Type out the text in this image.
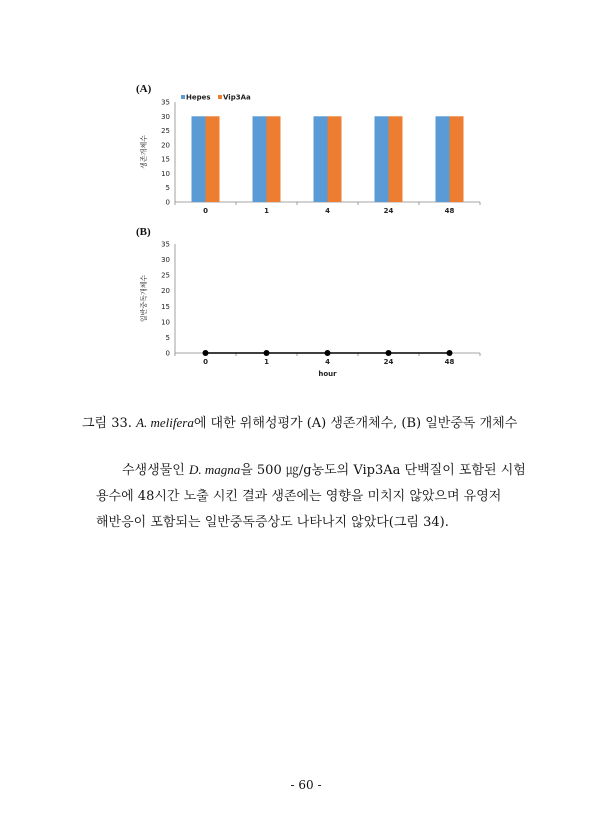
(A)
(B)
0
5
10
15
20
25
30
35
0	1	4	24	48
생존개체수
Hepes Vip3Aa
0
5
10
15
20
25
30
35
0	1	4	24	48
일반중독개체수
hour
그림 33. A. melifera에 대한 위해성평가 (A) 생존개체수, (B) 일반중독 개체수
수생생물인 D. magna을 500 ㎍/g농도의 Vip3Aa 단백질이 포함된 시험
용수에 48시간 노출 시킨 결과 생존에는 영향을 미치지 않았으며 유영저
해반응이 포함되는 일반중독증상도 나타나지 않았다(그림 34).
- 60 -
